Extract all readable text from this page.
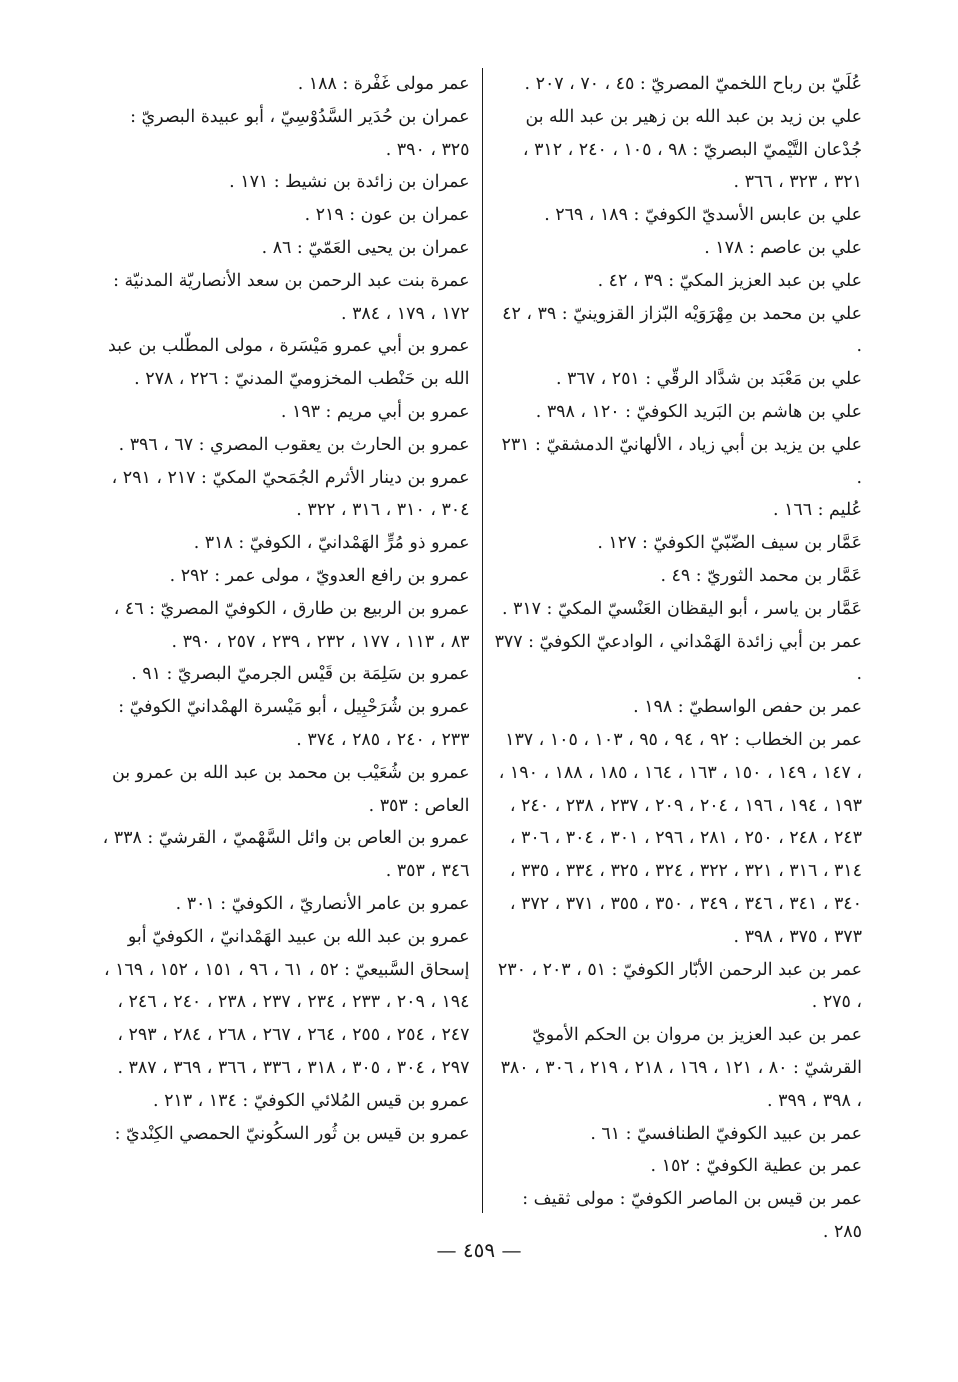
عُلَيّ بن رباح اللخميّ المصريّ : ٤٥ ، ٧٠ ، ٢٠٧ .

علي بن زيد بن عبد الله بن زهير بن عبد الله بن جُدْعان التَّيْميّ البصريّ : ٩٨ ، ١٠٥ ، ٢٤٠ ، ٣١٢ ، ٣٢١ ، ٣٢٣ ، ٣٦٦ .

علي بن عابس الأسديّ الكوفيّ : ١٨٩ ، ٢٦٩ .

علي بن عاصم : ١٧٨ .

علي بن عبد العزيز المكيّ : ٣٩ ، ٤٢ .

علي بن محمد بن مِهْرَوَيْه البّزاز القزوينيّ : ٣٩ ، ٤٢ .

علي بن مَعْبَد بن شدَّاد الرقّي : ٢٥١ ، ٣٦٧ .

علي بن هاشم بن البَريد الكوفيّ : ١٢٠ ، ٣٩٨ .

علي بن يزيد بن أبي زياد ، الألهانيّ الدمشقيّ : ٢٣١ .

عُليم : ١٦٦ .

عَمَّار بن سيف الضّبّيّ الكوفيّ : ١٢٧ .

عَمَّار بن محمد الثوريّ : ٤٩ .

عَمَّار بن ياسر ، أبو اليقظان العَنْسيّ المكيّ : ٣١٧ .

عمر بن أبي زائدة الهَمْداني ، الوادعيّ الكوفيّ : ٣٧٧ .

عمر بن حفص الواسطيّ : ١٩٨ .

عمر بن الخطاب : ٩٢ ، ٩٤ ، ٩٥ ، ١٠٣ ، ١٠٥ ، ١٣٧ ، ١٤٧ ، ١٤٩ ، ١٥٠ ، ١٦٣ ، ١٦٤ ، ١٨٥ ، ١٨٨ ، ١٩٠ ، ١٩٣ ، ١٩٤ ، ١٩٦ ، ٢٠٤ ، ٢٠٩ ، ٢٣٧ ، ٢٣٨ ، ٢٤٠ ، ٢٤٣ ، ٢٤٨ ، ٢٥٠ ، ٢٨١ ، ٢٩٦ ، ٣٠١ ، ٣٠٤ ، ٣٠٦ ، ٣١٤ ، ٣١٦ ، ٣٢١ ، ٣٢٢ ، ٣٢٤ ، ٣٢٥ ، ٣٣٤ ، ٣٣٥ ، ٣٤٠ ، ٣٤١ ، ٣٤٦ ، ٣٤٩ ، ٣٥٠ ، ٣٥٥ ، ٣٧١ ، ٣٧٢ ، ٣٧٣ ، ٣٧٥ ، ٣٩٨ .

عمر بن عبد الرحمن الأبّار الكوفيّ : ٥١ ، ٢٠٣ ، ٢٣٠ ، ٢٧٥ .

عمر بن عبد العزيز بن مروان بن الحكم الأمويّ القرشيّ : ٨٠ ، ١٢١ ، ١٦٩ ، ٢١٨ ، ٢١٩ ، ٣٠٦ ، ٣٨٠ ، ٣٩٨ ، ٣٩٩ .

عمر بن عبيد الكوفيّ الطنافسيّ : ٦١ .

عمر بن عطية الكوفيّ : ١٥٢ .

عمر بن قيس بن الماصر الكوفيّ : مولى ثقيف : ٢٨٥ .

عمر مولى غَفْرة : ١٨٨ .

عمران بن حُدَير السَّدُوْسِيّ ، أبو عبيدة البصريّ : ٣٢٥ ، ٣٩٠ .

عمران بن زائدة بن نشيط : ١٧١ .

عمران بن عون : ٢١٩ .

عمران بن يحيى العَمّيّ : ٨٦ .

عمرة بنت عبد الرحمن بن سعد الأنصاريّة المدنيّة : ١٧٢ ، ١٧٩ ، ٣٨٤ .

عمرو بن أبي عمرو مَيْسَرة ، مولى المطّلب بن عبد الله بن حَنْطب المخزوميّ المدنيّ : ٢٢٦ ، ٢٧٨ .

عمرو بن أبي مريم : ١٩٣ .

عمرو بن الحارث بن يعقوب المصري : ٦٧ ، ٣٩٦ .

عمرو بن دينار الأثرم الجُمَحيّ المكيّ : ٢١٧ ، ٢٩١ ، ٣٠٤ ، ٣١٠ ، ٣١٦ ، ٣٢٢ .

عمرو ذو مُرٍّ الهَمْدانيّ ، الكوفيّ : ٣١٨ .

عمرو بن رافع العدويّ ، مولى عمر : ٢٩٢ .

عمرو بن الربيع بن طارق ، الكوفيّ المصريّ : ٤٦ ، ٨٣ ، ١١٣ ، ١٧٧ ، ٢٣٢ ، ٢٣٩ ، ٢٥٧ ، ٣٩٠ .

عمرو بن سَلِمَة بن قَيْس الجرميّ البصريّ : ٩١ .

عمرو بن شُرَحْبِيل ، أبو مَيْسرة الهمْدانيّ الكوفيّ : ٢٣٣ ، ٢٤٠ ، ٢٨٥ ، ٣٧٤ .

عمرو بن شُعَيْب بن محمد بن عبد الله بن عمرو بن العاص : ٣٥٣ .

عمرو بن العاص بن وائل السَّهْميّ ، القرشيّ : ٣٣٨ ، ٣٤٦ ، ٣٥٣ .

عمرو بن عامر الأنصاريّ ، الكوفيّ : ٣٠١ .

عمرو بن عبد الله بن عبيد الهَمْدانيّ ، الكوفيّ أبو إسحاق السَّبيعيّ : ٥٢ ، ٦١ ، ٩٦ ، ١٥١ ، ١٥٢ ، ١٦٩ ، ١٩٤ ، ٢٠٩ ، ٢٣٣ ، ٢٣٤ ، ٢٣٧ ، ٢٣٨ ، ٢٤٠ ، ٢٤٦ ، ٢٤٧ ، ٢٥٤ ، ٢٥٥ ، ٢٦٤ ، ٢٦٧ ، ٢٦٨ ، ٢٨٤ ، ٢٩٣ ، ٢٩٧ ، ٣٠٤ ، ٣٠٥ ، ٣١٨ ، ٣٣٦ ، ٣٦٦ ، ٣٦٩ ، ٣٨٧ .

عمرو بن قيس المُلائي الكوفيّ : ١٣٤ ، ٢١٣ .

عمرو بن قيس بن ثُور السكُونيّ الحمصي الكِنْديّ :

— ٤٥٩ —
